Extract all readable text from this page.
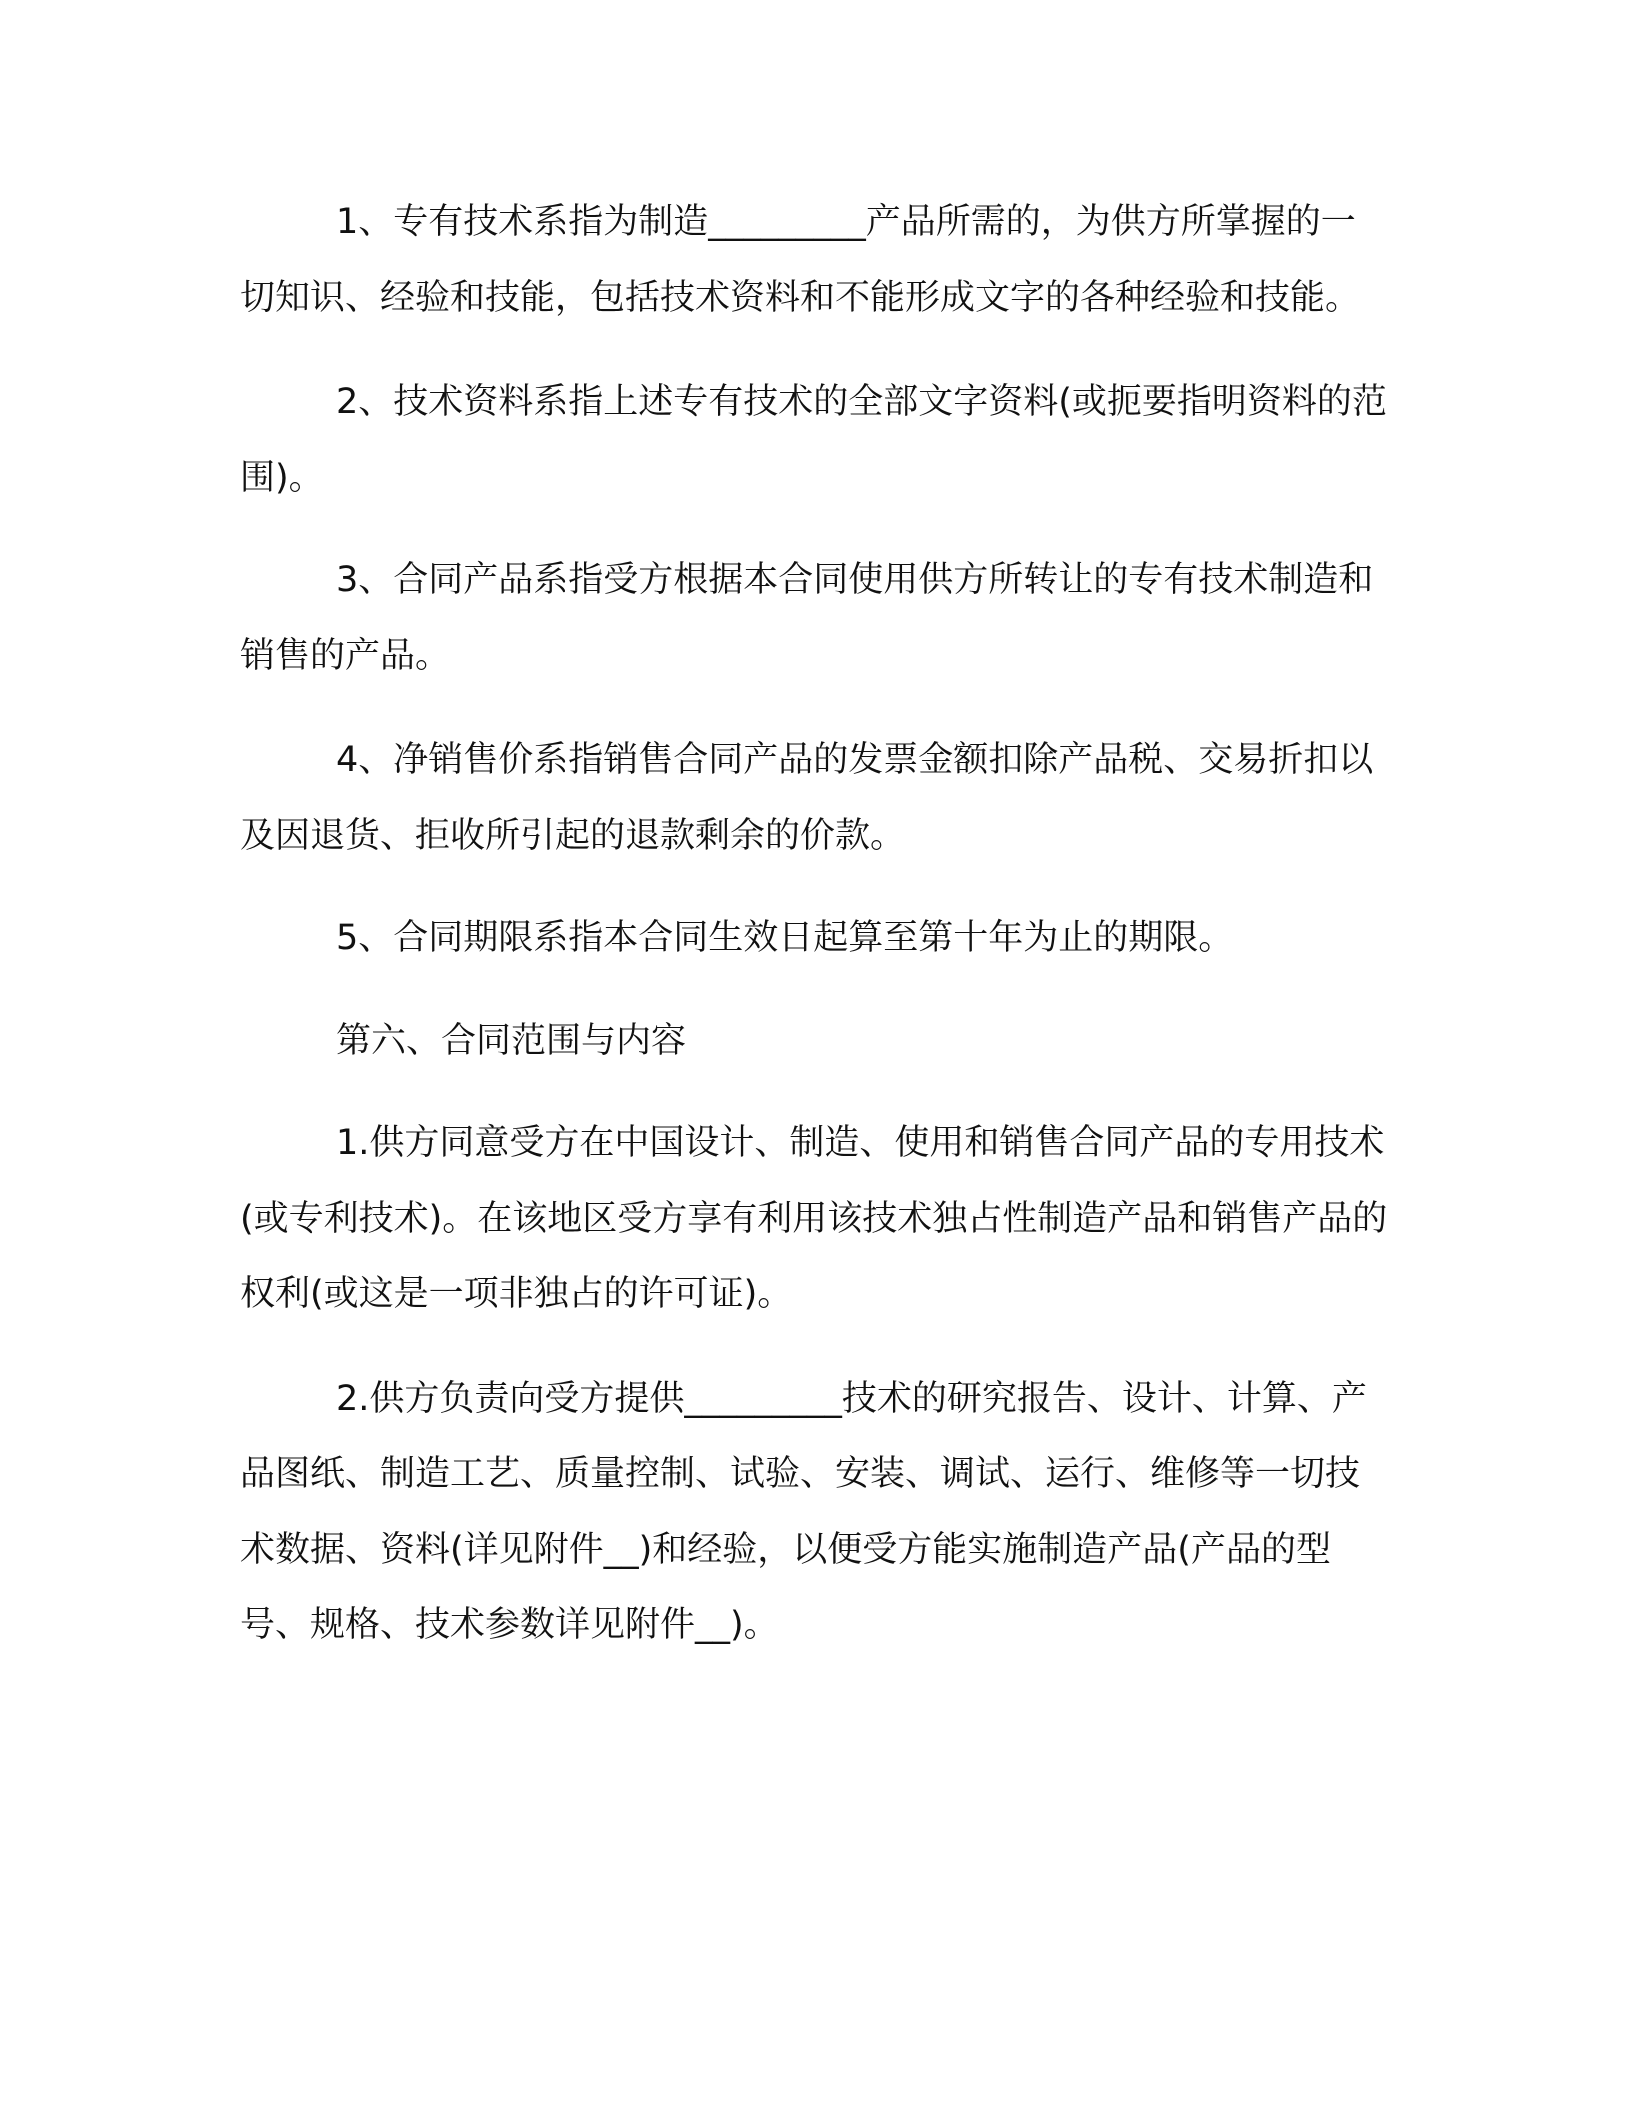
1、专有技术系指为制造_________产品所需的，为供方所掌握的一切知识、经验和技能，包括技术资料和不能形成文字的各种经验和技能。

2、技术资料系指上述专有技术的全部文字资料(或扼要指明资料的范围)。

3、合同产品系指受方根据本合同使用供方所转让的专有技术制造和销售的产品。

4、净销售价系指销售合同产品的发票金额扣除产品税、交易折扣以及因退货、拒收所引起的退款剩余的价款。

5、合同期限系指本合同生效日起算至第十年为止的期限。

第六、合同范围与内容

1.供方同意受方在中国设计、制造、使用和销售合同产品的专用技术(或专利技术)。在该地区受方享有利用该技术独占性制造产品和销售产品的权利(或这是一项非独占的许可证)。

2.供方负责向受方提供_________技术的研究报告、设计、计算、产品图纸、制造工艺、质量控制、试验、安装、调试、运行、维修等一切技术数据、资料(详见附件__)和经验，以便受方能实施制造产品(产品的型号、规格、技术参数详见附件__)。
